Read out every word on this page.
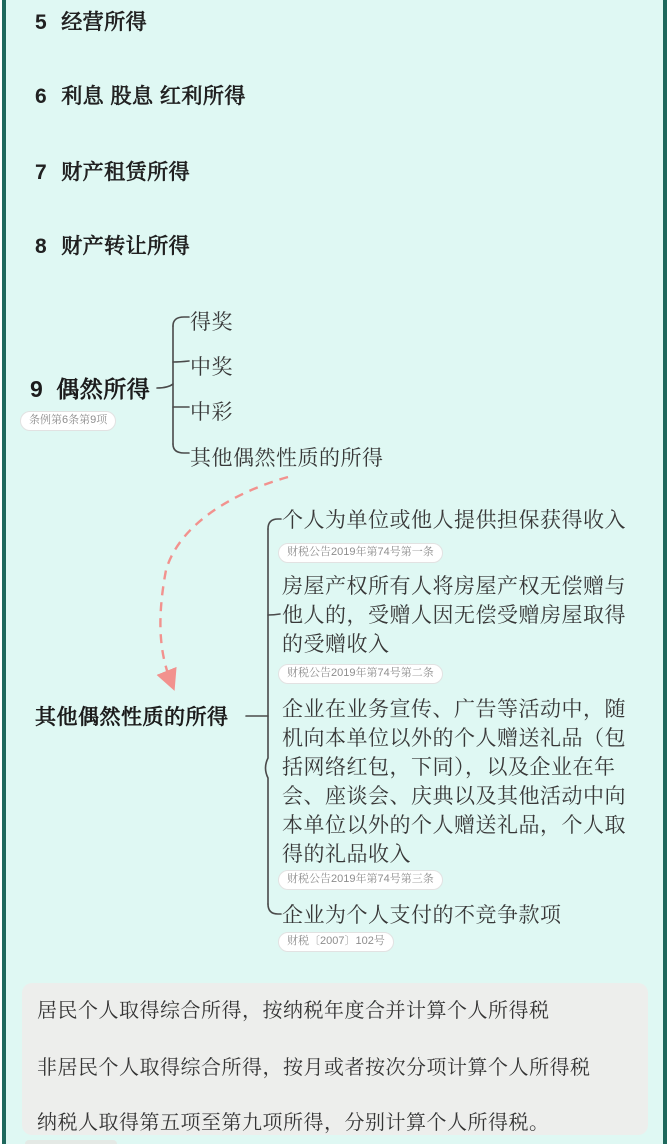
5 经营所得
6 利息 股息 红利所得
7 财产租赁所得
8 财产转让所得
9 偶然所得
条例第6条第9项
得奖
中奖
中彩
其他偶然性质的所得
其他偶然性质的所得
个人为单位或他人提供担保获得收入
财税公告2019年第74号第一条
房屋产权所有人将房屋产权无偿赠与
他人的，受赠人因无偿受赠房屋取得
的受赠收入
财税公告2019年第74号第二条
企业在业务宣传、广告等活动中，随
机向本单位以外的个人赠送礼品（包
括网络红包，下同），以及企业在年
会、座谈会、庆典以及其他活动中向
本单位以外的个人赠送礼品，个人取
得的礼品收入
财税公告2019年第74号第三条
企业为个人支付的不竞争款项
财税〔2007〕102号
居民个人取得综合所得，按纳税年度合并计算个人所得税
非居民个人取得综合所得，按月或者按次分项计算个人所得税
纳税人取得第五项至第九项所得，分别计算个人所得税。
